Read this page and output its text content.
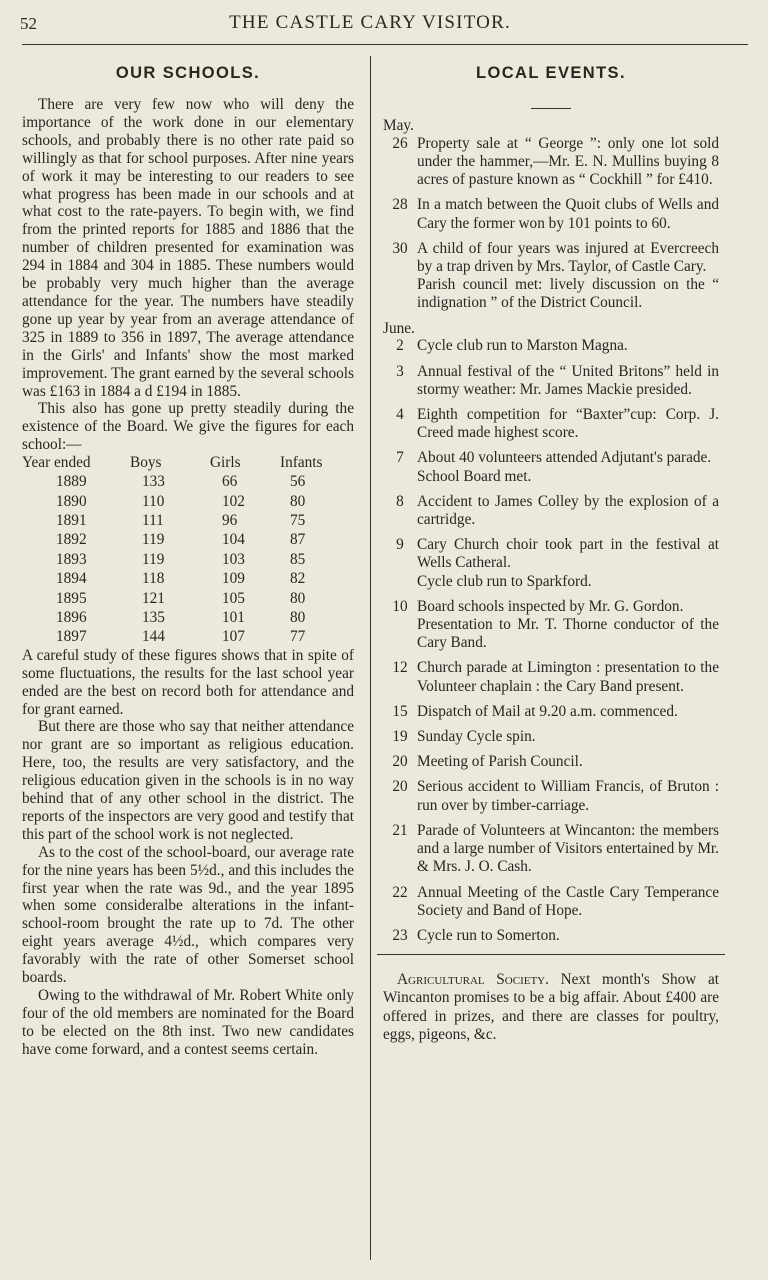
52	THE CASTLE CARY VISITOR.
OUR SCHOOLS.

There are very few now who will deny the importance of the work done in our elementary schools, and probably there is no other rate paid so willingly as that for school purposes. After nine years of work it may be interesting to our readers to see what progress has been made in our schools and at what cost to the rate-payers. To begin with, we find from the printed reports for 1885 and 1886 that the number of children presented for examination was 294 in 1884 and 304 in 1885. These numbers would be probably very much higher than the average attendance for the year. The numbers have steadily gone up year by year from an average attendance of 325 in 1889 to 356 in 1897, The average attendance in the Girls' and Infants' show the most marked improvement. The grant earned by the several schools was £163 in 1884 a d £194 in 1885.

This also has gone up pretty steadily during the existence of the Board. We give the figures for each school:—

Year ended	Boys	Girls	Infants
1889	133	66	56
1890	110	102	80
1891	111	96	75
1892	119	104	87
1893	119	103	85
1894	118	109	82
1895	121	105	80
1896	135	101	80
1897	144	107	77

A careful study of these figures shows that in spite of some fluctuations, the results for the last school year ended are the best on record both for attendance and for grant earned.

But there are those who say that neither attendance nor grant are so important as religious education. Here, too, the results are very satisfactory, and the religious education given in the schools is in no way behind that of any other school in the district. The reports of the inspectors are very good and testify that this part of the school work is not neglected.

As to the cost of the school-board, our average rate for the nine years has been 5½d., and this includes the first year when the rate was 9d., and the year 1895 when some consideralbe alterations in the infant-school-room brought the rate up to 7d. The other eight years average 4½d., which compares very favorably with the rate of other Somerset school boards.

Owing to the withdrawal of Mr. Robert White only four of the old members are nominated for the Board to be elected on the 8th inst. Two new candidates have come forward, and a contest seems certain.

LOCAL EVENTS.

May.

26 Property sale at “ George ”: only one lot sold under the hammer,—Mr. E. N. Mullins buying 8 acres of pasture known as “ Cockhill ” for £410.
28 In a match between the Quoit clubs of Wells and Cary the former won by 101 points to 60.
30 A child of four years was injured at Evercreech by a trap driven by Mrs. Taylor, of Castle Cary.
Parish council met: lively discussion on the “ indignation ” of the District Council.

June.

2 Cycle club run to Marston Magna.
3 Annual festival of the “ United Britons” held in stormy weather: Mr. James Mackie presided.
4 Eighth competition for “Baxter”cup: Corp. J. Creed made highest score.
7 About 40 volunteers attended Adjutant's parade.
School Board met.
8 Accident to James Colley by the explosion of a cartridge.
9 Cary Church choir took part in the festival at Wells Catheral.
Cycle club run to Sparkford.
10 Board schools inspected by Mr. G. Gordon.
Presentation to Mr. T. Thorne conductor of the Cary Band.
12 Church parade at Limington : presentation to the Volunteer chaplain : the Cary Band present.
15 Dispatch of Mail at 9.20 a.m. commenced.
19 Sunday Cycle spin.
20 Meeting of Parish Council.
20 Serious accident to William Francis, of Bruton : run over by timber-carriage.
21 Parade of Volunteers at Wincanton: the members and a large number of Visitors entertained by Mr. & Mrs. J. O. Cash.
22 Annual Meeting of the Castle Cary Temperance Society and Band of Hope.
23 Cycle run to Somerton.

Agricultural Society. Next month's Show at Wincanton promises to be a big affair. About £400 are offered in prizes, and there are classes for poultry, eggs, pigeons, &c.
